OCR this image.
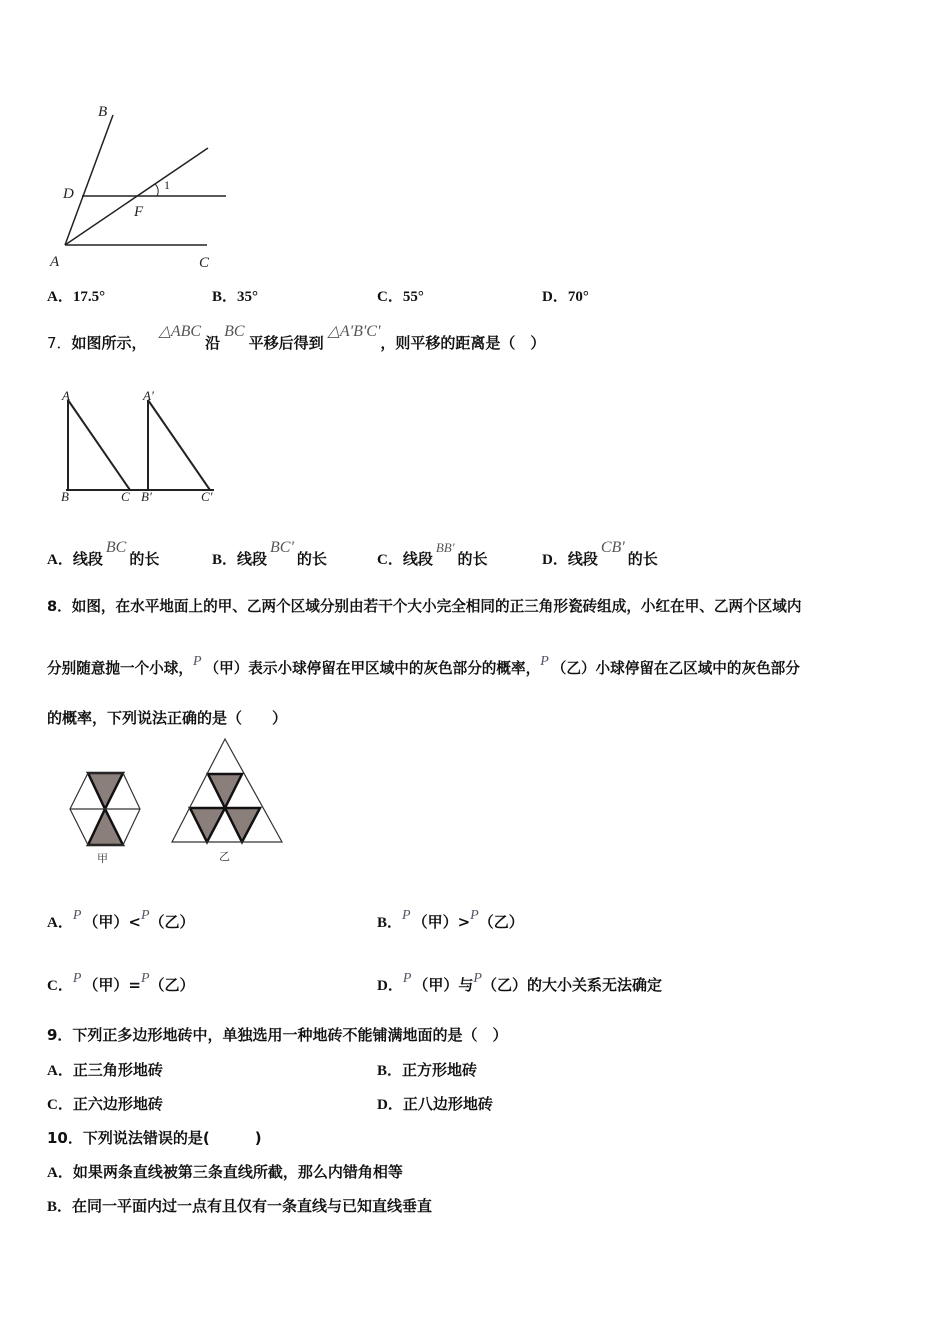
B
D
F
1
A	C
A
B	C
A'
B'	C'
甲	乙
A．17.5°	B．35°	C．55°	D．70°
7．如图所示，△ABC沿BC平移后得到△A'B'C'，则平移的距离是（　）
A．线段BC的长	B．线段BC'的长	C．线段BB'的长	D．线段CB'的长
8．如图，在水平地面上的甲、乙两个区域分别由若干个大小完全相同的正三角形瓷砖组成，小红在甲、乙两个区域内
分别随意抛一个小球，P （甲）表示小球停留在甲区域中的灰色部分的概率，P （乙）小球停留在乙区域中的灰色部分
的概率，下列说法正确的是（　　）
A．P （甲）<P（乙）	B．P （甲）>P（乙）
C．P （甲）=P（乙）	D．P （甲）与P（乙）的大小关系无法确定
9．下列正多边形地砖中，单独选用一种地砖不能铺满地面的是（　）
A．正三角形地砖	B．正方形地砖
C．正六边形地砖	D．正八边形地砖
10．下列说法错误的是(　　　)
A．如果两条直线被第三条直线所截，那么内错角相等
B．在同一平面内过一点有且仅有一条直线与已知直线垂直
